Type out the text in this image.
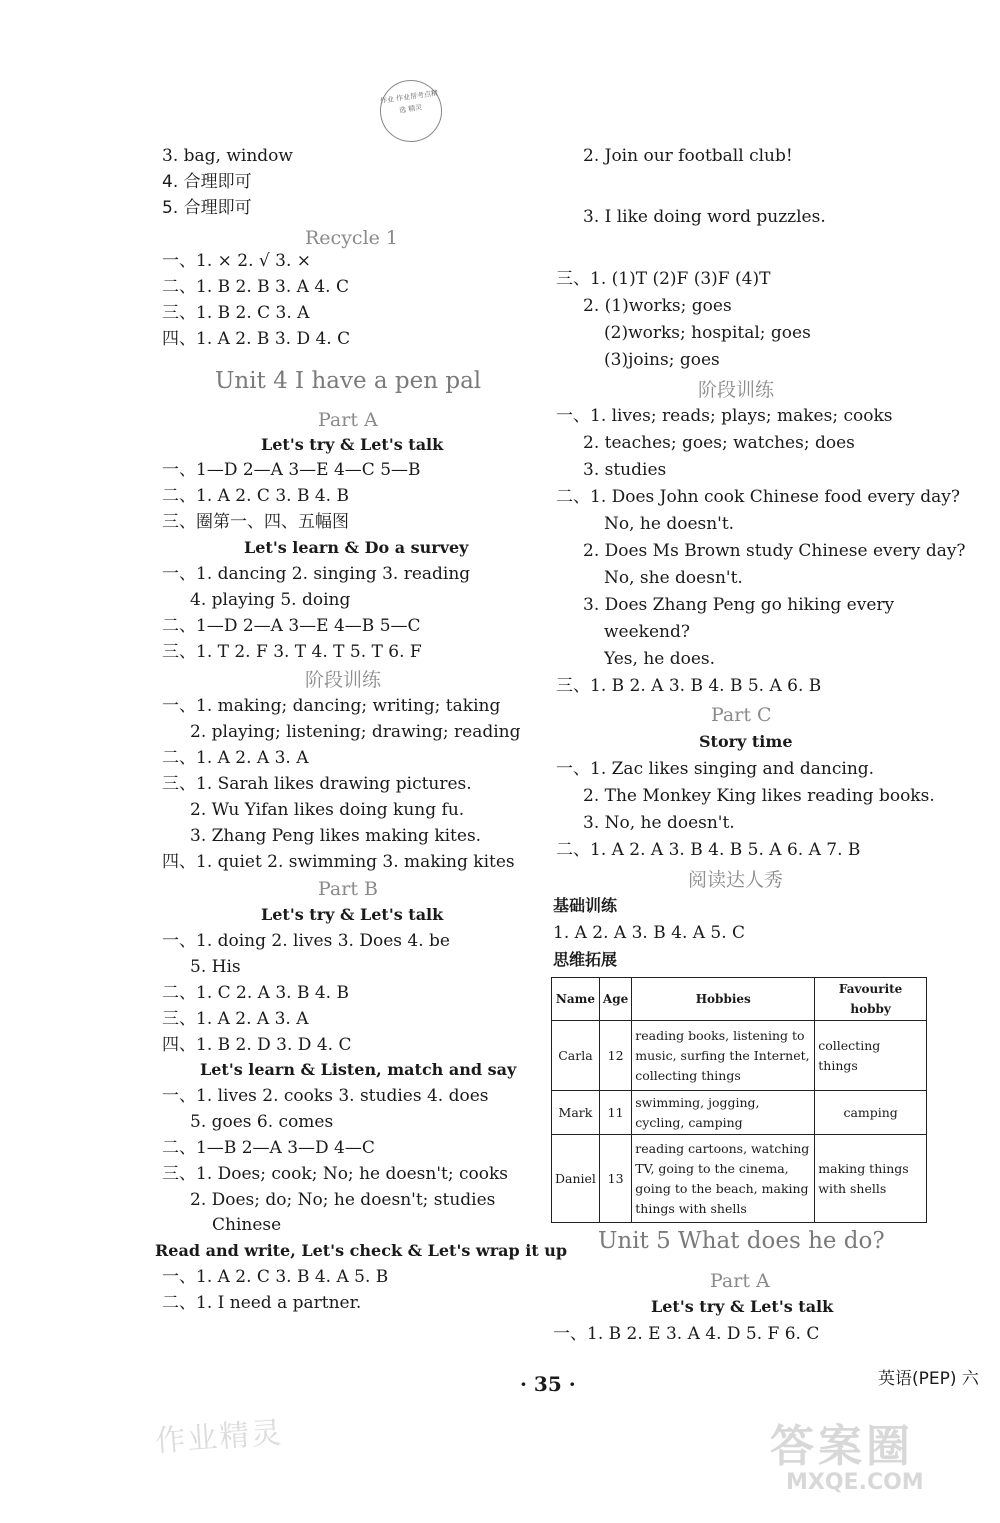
作业 作业帮考点精选 精灵
3. bag, window
4. 合理即可
5. 合理即可
Recycle 1
一、1. × 2. √ 3. ×
二、1. B 2. B 3. A 4. C
三、1. B 2. C 3. A
四、1. A 2. B 3. D 4. C
Unit 4 I have a pen pal
Part A
Let's try & Let's talk
一、1—D 2—A 3—E 4—C 5—B
二、1. A 2. C 3. B 4. B
三、圈第一、四、五幅图
Let's learn & Do a survey
一、1. dancing 2. singing 3. reading
4. playing 5. doing
二、1—D 2—A 3—E 4—B 5—C
三、1. T 2. F 3. T 4. T 5. T 6. F
阶段训练
一、1. making; dancing; writing; taking
2. playing; listening; drawing; reading
二、1. A 2. A 3. A
三、1. Sarah likes drawing pictures.
2. Wu Yifan likes doing kung fu.
3. Zhang Peng likes making kites.
四、1. quiet 2. swimming 3. making kites
Part B
Let's try & Let's talk
一、1. doing 2. lives 3. Does 4. be
5. His
二、1. C 2. A 3. B 4. B
三、1. A 2. A 3. A
四、1. B 2. D 3. D 4. C
Let's learn & Listen, match and say
一、1. lives 2. cooks 3. studies 4. does
5. goes 6. comes
二、1—B 2—A 3—D 4—C
三、1. Does; cook; No; he doesn't; cooks
2. Does; do; No; he doesn't; studies
Chinese
Read and write, Let's check & Let's wrap it up
一、1. A 2. C 3. B 4. A 5. B
二、1. I need a partner.
2. Join our football club!
3. I like doing word puzzles.
三、1. (1)T (2)F (3)F (4)T
2. (1)works; goes
(2)works; hospital; goes
(3)joins; goes
阶段训练
一、1. lives; reads; plays; makes; cooks
2. teaches; goes; watches; does
3. studies
二、1. Does John cook Chinese food every day?
No, he doesn't.
2. Does Ms Brown study Chinese every day?
No, she doesn't.
3. Does Zhang Peng go hiking every
weekend?
Yes, he does.
三、1. B 2. A 3. B 4. B 5. A 6. B
Part C
Story time
一、1. Zac likes singing and dancing.
2. The Monkey King likes reading books.
3. No, he doesn't.
二、1. A 2. A 3. B 4. B 5. A 6. A 7. B
阅读达人秀
基础训练
1. A 2. A 3. B 4. A 5. C
思维拓展
Unit 5 What does he do?
Part A
Let's try & Let's talk
一、1. B 2. E 3. A 4. D 5. F 6. C
Name	Age	Hobbies	Favourite hobby
Carla	12	reading books, listening to music, surfing the Internet, collecting things	collecting things
Mark	11	swimming, jogging, cycling, camping	camping
Daniel	13	reading cartoons, watching TV, going to the cinema, going to the beach, making things with shells	making things with shells
· 35 ·	英语(PEP) 六
作业精灵	答案圈
MXQE.COM
